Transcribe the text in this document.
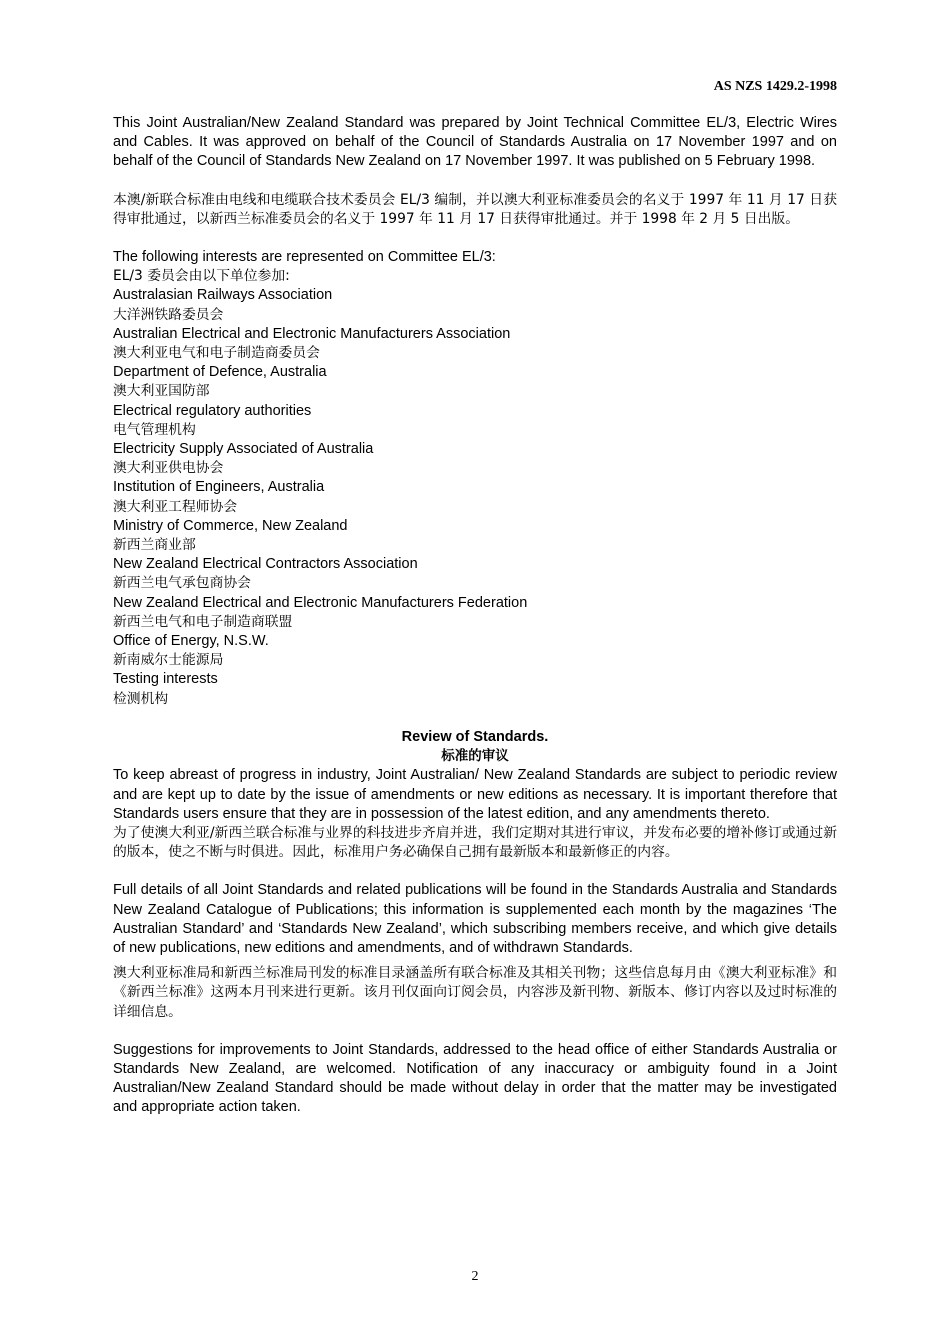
AS NZS 1429.2-1998

This Joint Australian/New Zealand Standard was prepared by Joint Technical Committee EL/3, Electric Wires and Cables. It was approved on behalf of the Council of Standards Australia on 17 November 1997 and on behalf of the Council of Standards New Zealand on 17 November 1997. It was published on 5 February 1998.

本澳/新联合标准由电线和电缆联合技术委员会 EL/3 编制，并以澳大利亚标准委员会的名义于 1997 年 11 月 17 日获得审批通过，以新西兰标准委员会的名义于 1997 年 11 月 17 日获得审批通过。并于 1998 年 2 月 5 日出版。

The following interests are represented on Committee EL/3:
EL/3 委员会由以下单位参加:
Australasian Railways Association
大洋洲铁路委员会
Australian Electrical and Electronic Manufacturers Association
澳大利亚电气和电子制造商委员会
Department of Defence, Australia
澳大利亚国防部
Electrical regulatory authorities
电气管理机构
Electricity Supply Associated of Australia
澳大利亚供电协会
Institution of Engineers, Australia
澳大利亚工程师协会
Ministry of Commerce, New Zealand
新西兰商业部
New Zealand Electrical Contractors Association
新西兰电气承包商协会
New Zealand Electrical and Electronic Manufacturers Federation
新西兰电气和电子制造商联盟
Office of Energy, N.S.W.
新南威尔士能源局
Testing interests
检测机构

Review of Standards.

标准的审议

To keep abreast of progress in industry, Joint Australian/ New Zealand Standards are subject to periodic review and are kept up to date by the issue of amendments or new editions as necessary. It is important therefore that Standards users ensure that they are in possession of the latest edition, and any amendments thereto.

为了使澳大利亚/新西兰联合标准与业界的科技进步齐肩并进，我们定期对其进行审议，并发布必要的增补修订或通过新的版本，使之不断与时俱进。因此，标准用户务必确保自己拥有最新版本和最新修正的内容。

Full details of all Joint Standards and related publications will be found in the Standards Australia and Standards New Zealand Catalogue of Publications; this information is supplemented each month by the magazines ‘The Australian Standard’ and ‘Standards New Zealand’, which subscribing members receive, and which give details of new publications, new editions and amendments, and of withdrawn Standards.

澳大利亚标准局和新西兰标准局刊发的标准目录涵盖所有联合标准及其相关刊物；这些信息每月由《澳大利亚标准》和《新西兰标准》这两本月刊来进行更新。该月刊仅面向订阅会员，内容涉及新刊物、新版本、修订内容以及过时标准的详细信息。

Suggestions for improvements to Joint Standards, addressed to the head office of either Standards Australia or Standards New Zealand, are welcomed. Notification of any inaccuracy or ambiguity found in a Joint Australian/New Zealand Standard should be made without delay in order that the matter may be investigated and appropriate action taken.

2
